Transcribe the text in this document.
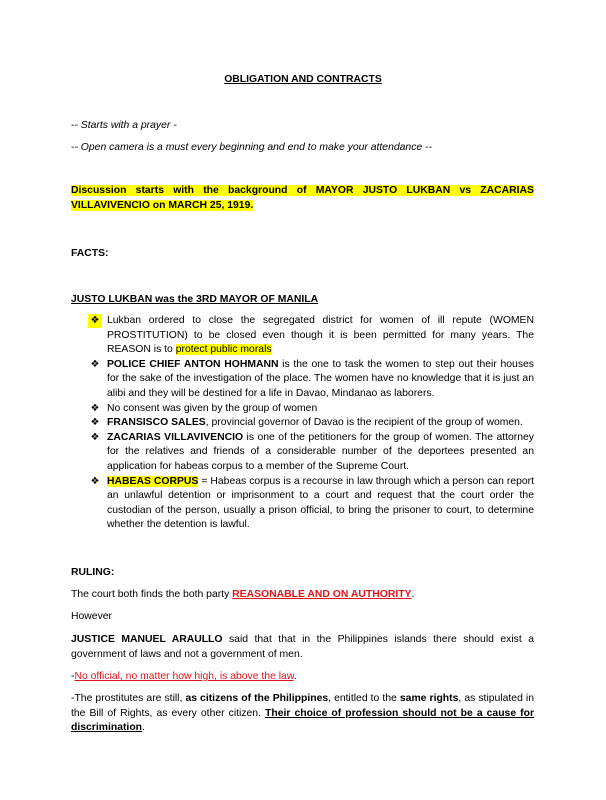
OBLIGATION AND CONTRACTS

-- Starts with a prayer -

-- Open camera is a must every beginning and end to make your attendance --

Discussion starts with the background of MAYOR JUSTO LUKBAN vs ZACARIAS VILLAVIVENCIO on MARCH 25, 1919.

FACTS:

JUSTO LUKBAN was the 3RD MAYOR OF MANILA

❖ Lukban ordered to close the segregated district for women of ill repute (WOMEN PROSTITUTION) to be closed even though it is been permitted for many years. The REASON is to protect public morals
❖ POLICE CHIEF ANTON HOHMANN is the one to task the women to step out their houses for the sake of the investigation of the place. The women have no knowledge that it is just an alibi and they will be destined for a life in Davao, Mindanao as laborers.
❖ No consent was given by the group of women
❖ FRANSISCO SALES, provincial governor of Davao is the recipient of the group of women.
❖ ZACARIAS VILLAVIVENCIO is one of the petitioners for the group of women. The attorney for the relatives and friends of a considerable number of the deportees presented an application for habeas corpus to a member of the Supreme Court.
❖ HABEAS CORPUS = Habeas corpus is a recourse in law through which a person can report an unlawful detention or imprisonment to a court and request that the court order the custodian of the person, usually a prison official, to bring the prisoner to court, to determine whether the detention is lawful.

RULING:

The court both finds the both party REASONABLE AND ON AUTHORITY.

However

JUSTICE MANUEL ARAULLO said that that in the Philippines islands there should exist a government of laws and not a government of men.

-No official, no matter how high, is above the law.

-The prostitutes are still, as citizens of the Philippines, entitled to the same rights, as stipulated in the Bill of Rights, as every other citizen. Their choice of profession should not be a cause for discrimination.
